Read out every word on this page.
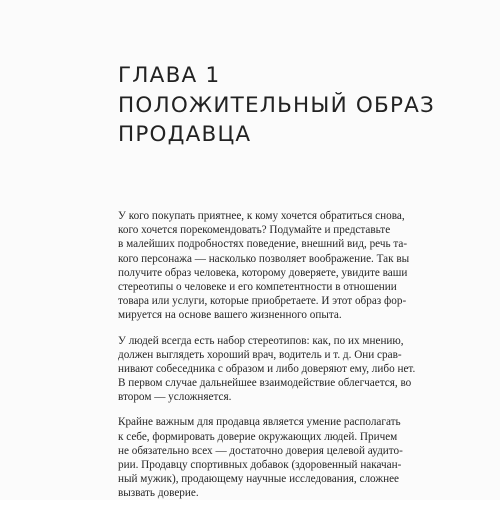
ГЛАВА 1
ПОЛОЖИТЕЛЬНЫЙ ОБРАЗ
ПРОДАВЦА

У кого покупать приятнее, к кому хочется обратиться снова,
кого хочется порекомендовать? Подумайте и представьте
в малейших подробностях поведение, внешний вид, речь та-
кого персонажа — насколько позволяет воображение. Так вы
получите образ человека, которому доверяете, увидите ваши
стереотипы о человеке и его компетентности в отношении
товара или услуги, которые приобретаете. И этот образ фор-
мируется на основе вашего жизненного опыта.

У людей всегда есть набор стереотипов: как, по их мнению,
должен выглядеть хороший врач, водитель и т. д. Они срав-
нивают собеседника с образом и либо доверяют ему, либо нет.
В первом случае дальнейшее взаимодействие облегчается, во
втором — усложняется.

Крайне важным для продавца является умение располагать
к себе, формировать доверие окружающих людей. Причем
не обязательно всех — достаточно доверия целевой аудито-
рии. Продавцу спортивных добавок (здоровенный накачан-
ный мужик), продающему научные исследования, сложнее
вызвать доверие.
